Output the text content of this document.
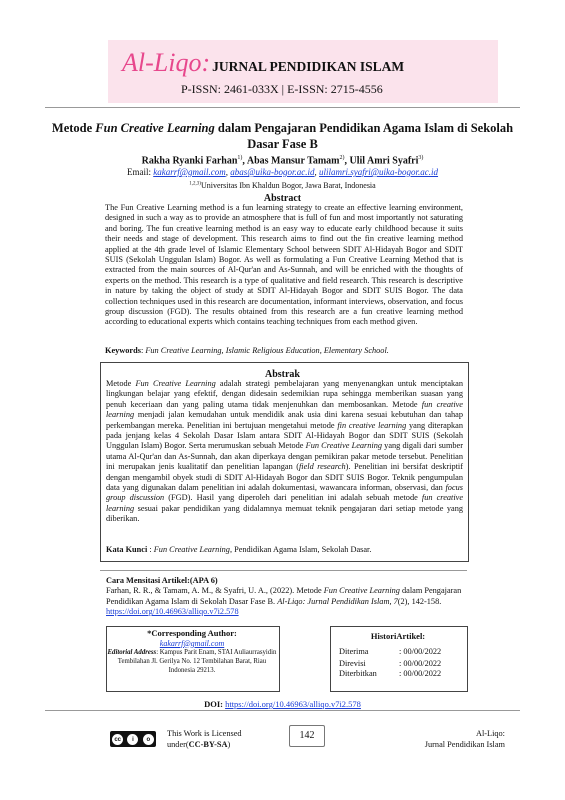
Al-Liqo: JURNAL PENDIDIKAN ISLAM
P-ISSN: 2461-033X | E-ISSN: 2715-4556
Metode Fun Creative Learning dalam Pengajaran Pendidikan Agama Islam di Sekolah Dasar Fase B
Rakha Ryanki Farhan$^{1)}$, Abas Mansur Tamam$^{2)}$, Ulil Amri Syafri$^{3)}$
Email: kakarrf@gmail.com, abas@uika-bogor.ac.id, ulilamri.syafri@uika-bogor.ac.id
$^{1,2,3)}$Universitas Ibn Khaldun Bogor, Jawa Barat, Indonesia
Abstract
The Fun Creative Learning method is a fun learning strategy to create an effective learning environment, designed in such a way as to provide an atmosphere that is full of fun and most importantly not saturating and boring. The fun creative learning method is an easy way to educate early childhood because it suits their needs and stage of development. This research aims to find out the fin creative learning method applied at the 4th grade level of Islamic Elementary School between SDIT Al-Hidayah Bogor and SDIT SUIS (Sekolah Unggulan Islam) Bogor. As well as formulating a Fun Creative Learning Method that is extracted from the main sources of Al-Qur'an and As-Sunnah, and will be enriched with the thoughts of experts on the method. This research is a type of qualitative and field research. This research is descriptive in nature by taking the object of study at SDIT Al-Hidayah Bogor and SDIT SUIS Bogor. The data collection techniques used in this research are documentation, informant interviews, observation, and focus group discussion (FGD). The results obtained from this research are a fun creative learning method according to educational experts which contains teaching techniques from each method given.
Keywords: Fun Creative Learning, Islamic Religious Education, Elementary School.
Abstrak
Metode Fun Creative Learning adalah strategi pembelajaran yang menyenangkan untuk menciptakan lingkungan belajar yang efektif, dengan didesain sedemikian rupa sehingga memberikan suasan yang penuh keceriaan dan yang paling utama tidak menjenuhkan dan membosankan. Metode fun creative learning menjadi jalan kemudahan untuk mendidik anak usia dini karena sesuai kebutuhan dan tahap perkembangan mereka. Penelitian ini bertujuan mengetahui metode fin creative learning yang diterapkan pada jenjang kelas 4 Sekolah Dasar Islam antara SDIT Al-Hidayah Bogor dan SDIT SUIS (Sekolah Unggulan Islam) Bogor. Serta merumuskan sebuah Metode Fun Creative Learning yang digali dari sumber utama Al-Qur'an dan As-Sunnah, dan akan diperkaya dengan pemikiran pakar metode tersebut. Penelitian ini merupakan jenis kualitatif dan penelitian lapangan (field research). Penelitian ini bersifat deskriptif dengan mengambil obyek studi di SDIT Al-Hidayah Bogor dan SDIT SUIS Bogor. Teknik pengumpulan data yang digunakan dalam penelitian ini adalah dokumentasi, wawancara informan, observasi, dan focus group discussion (FGD). Hasil yang diperoleh dari penelitian ini adalah sebuah metode fun creative learning sesuai pakar pendidikan yang didalamnya memuat teknik pengajaran dari setiap metode yang diberikan.
Kata Kunci : Fun Creative Learning, Pendidikan Agama Islam, Sekolah Dasar.
Cara Mensitasi Artikel:(APA 6)
Farhan, R. R., & Tamam, A. M., & Syafri, U. A., (2022). Metode Fun Creative Learning dalam Pengajaran Pendidikan Agama Islam di Sekolah Dasar Fase B. Al-Liqo: Jurnal Pendidikan Islam, 7(2), 142-158. https://doi.org/10.46963/alliqo.v7i2.578
*Corresponding Author:
kakarrf@gmail.com
Editorial Address: Kampus Parit Enam, STAI Auliaurrasyidin Tembilahan Jl. Gerilya No. 12 Tembilahan Barat, Riau Indonesia 29213.
HistoriArtikel:
Diterima	: 00/00/2022
Direvisi	: 00/00/2022
Diterbitkan	: 00/00/2022
DOI: https://doi.org/10.46963/alliqo.v7i2.578
cc	i	o
This Work is Licensed
under(CC-BY-SA)
142	Al-Liqo:
Jurnal Pendidikan Islam
